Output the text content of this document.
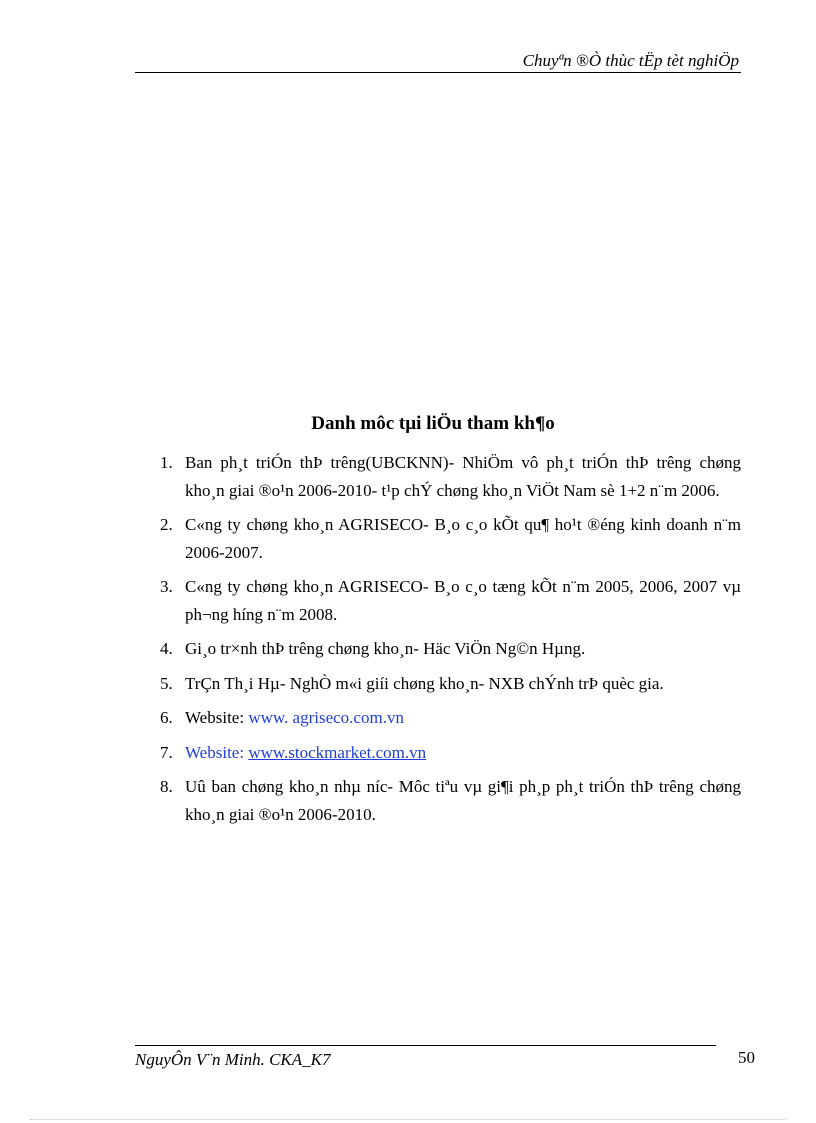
Chuyªn ®Ò thùc tËp tèt nghiÖp
Danh môc tµi liÖu tham kh¶o
1. Ban ph¸t triÓn thÞ trêng(UBCKNN)- NhiÖm vô ph¸t triÓn thÞ trêng chøng kho¸n giai ®o¹n 2006-2010- t¹p chÝ chøng kho¸n ViÖt Nam sè 1+2 n¨m 2006.
2. C«ng ty chøng kho¸n AGRISECO- B¸o c¸o kÕt qu¶ ho¹t ®éng kinh doanh n¨m 2006-2007.
3. C«ng ty chøng kho¸n AGRISECO- B¸o c¸o tæng kÕt n¨m 2005, 2006, 2007 vµ ph¬ng híng n¨m 2008.
4. Gi¸o tr×nh thÞ trêng chøng kho¸n- Häc ViÖn Ng©n Hµng.
5. TrÇn Th¸i Hµ- NghÒ m«i giíi chøng kho¸n- NXB chÝnh trÞ quèc gia.
6. Website: www. agriseco.com.vn
7. Website: www.stockmarket.com.vn
8. Uû ban chøng kho¸n nhµ níc- Môc tiªu vµ gi¶i ph¸p ph¸t triÓn thÞ trêng chøng kho¸n giai ®o¹n 2006-2010.
NguyÔn V¨n Minh. CKA_K7	50
